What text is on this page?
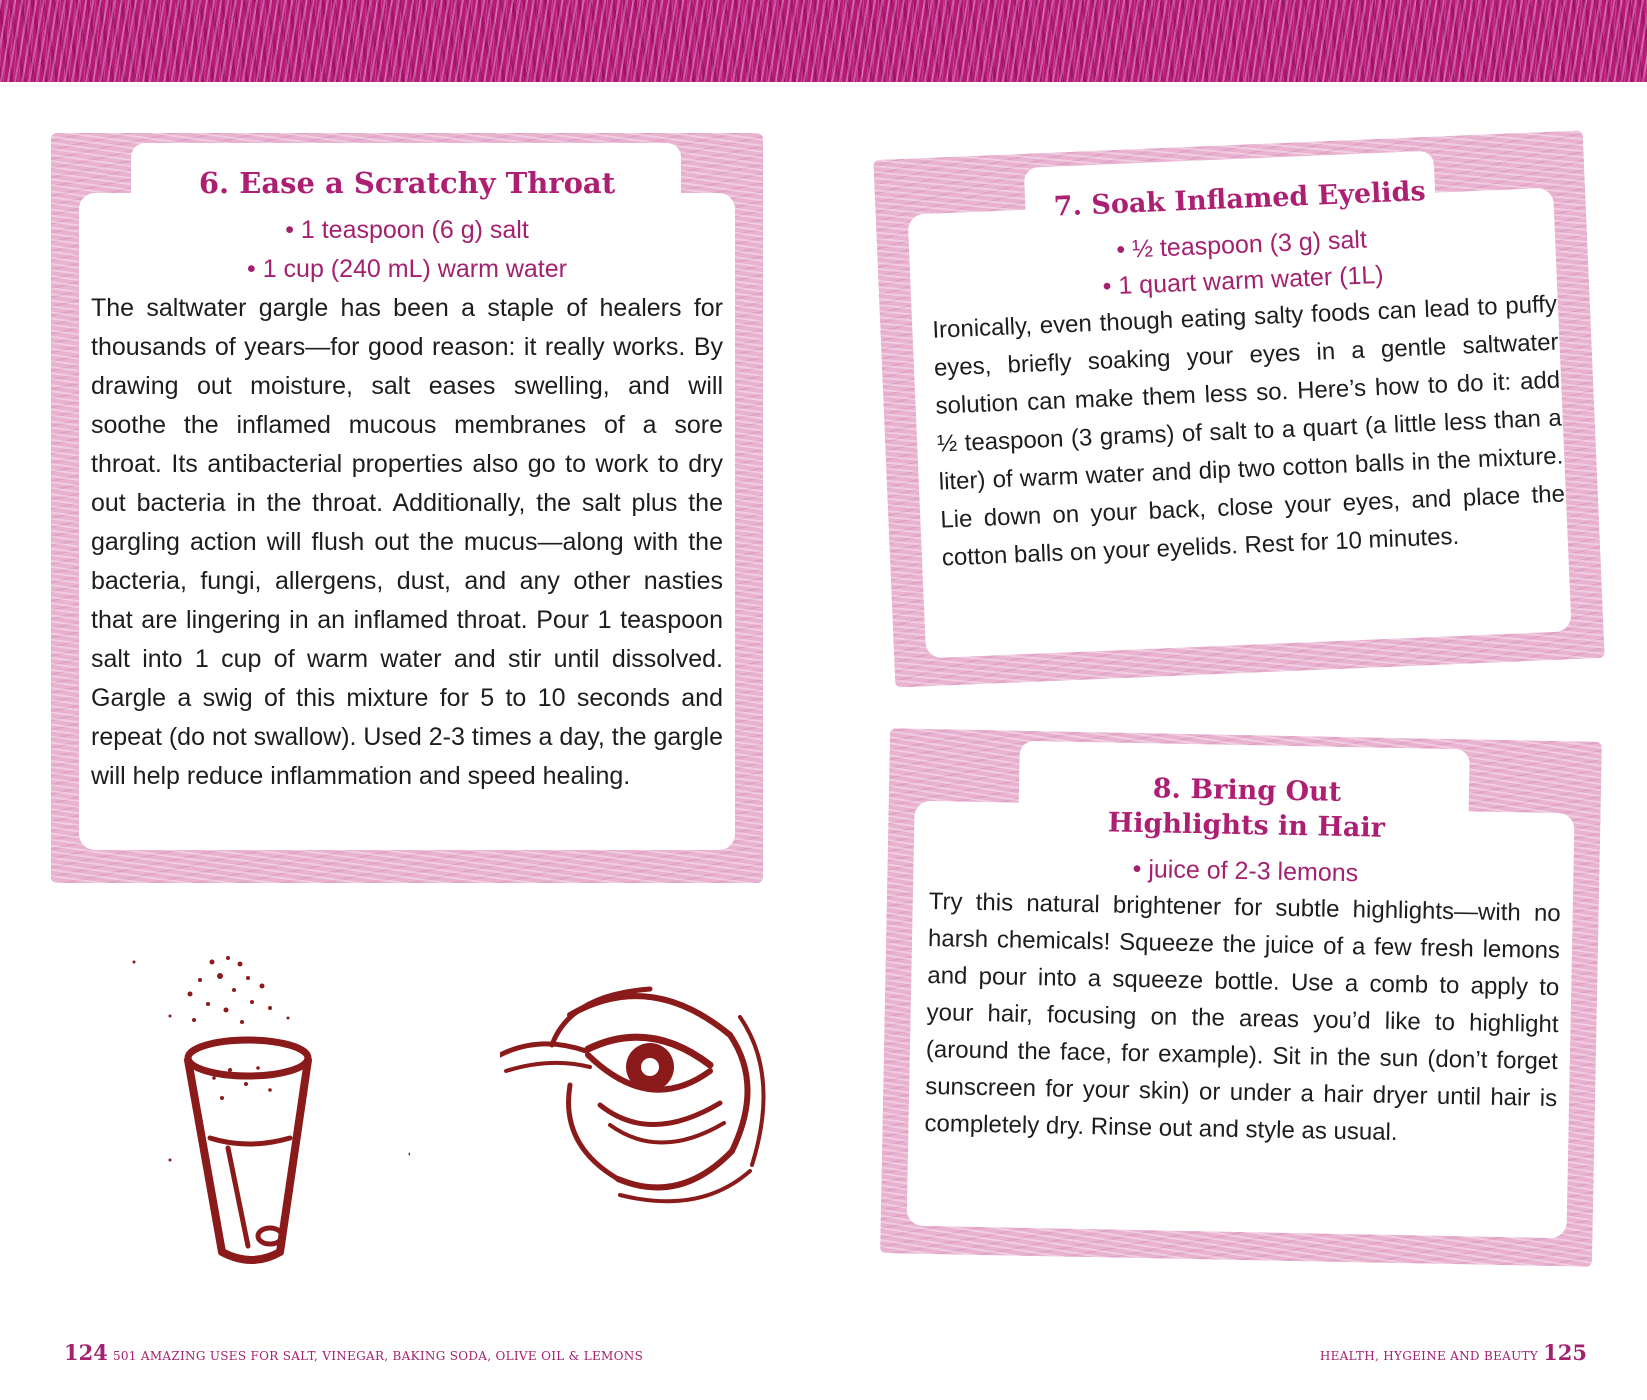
6. Ease a Scratchy Throat
• 1 teaspoon (6 g) salt
• 1 cup (240 mL) warm water

The saltwater gargle has been a staple of healers for thousands of years—for good reason: it really works. By drawing out moisture, salt eases swelling, and will soothe the inflamed mucous membranes of a sore throat. Its antibacterial properties also go to work to dry out bacteria in the throat. Additionally, the salt plus the gargling action will flush out the mucus—along with the bacteria, fungi, allergens, dust, and any other nasties that are lingering in an inflamed throat. Pour 1 teaspoon salt into 1 cup of warm water and stir until dissolved. Gargle a swig of this mixture for 5 to 10 seconds and repeat (do not swallow). Used 2-3 times a day, the gargle will help reduce inflammation and speed healing.

7. Soak Inflamed Eyelids
• ½ teaspoon (3 g) salt
• 1 quart warm water (1L)

Ironically, even though eating salty foods can lead to puffy eyes, briefly soaking your eyes in a gentle saltwater solution can make them less so. Here’s how to do it: add ½ teaspoon (3 grams) of salt to a quart (a little less than a liter) of warm water and dip two cotton balls in the mixture. Lie down on your back, close your eyes, and place the cotton balls on your eyelids. Rest for 10 minutes.

8. Bring Out
Highlights in Hair
• juice of 2-3 lemons

Try this natural brightener for subtle highlights—with no harsh chemicals! Squeeze the juice of a few fresh lemons and pour into a squeeze bottle. Use a comb to apply to your hair, focusing on the areas you’d like to highlight (around the face, for example). Sit in the sun (don’t forget sunscreen for your skin) or under a hair dryer until hair is completely dry. Rinse out and style as usual.

124 501 AMAZING USES FOR SALT, VINEGAR, BAKING SODA, OLIVE OIL & LEMONS	HEALTH, HYGEINE AND BEAUTY 125
